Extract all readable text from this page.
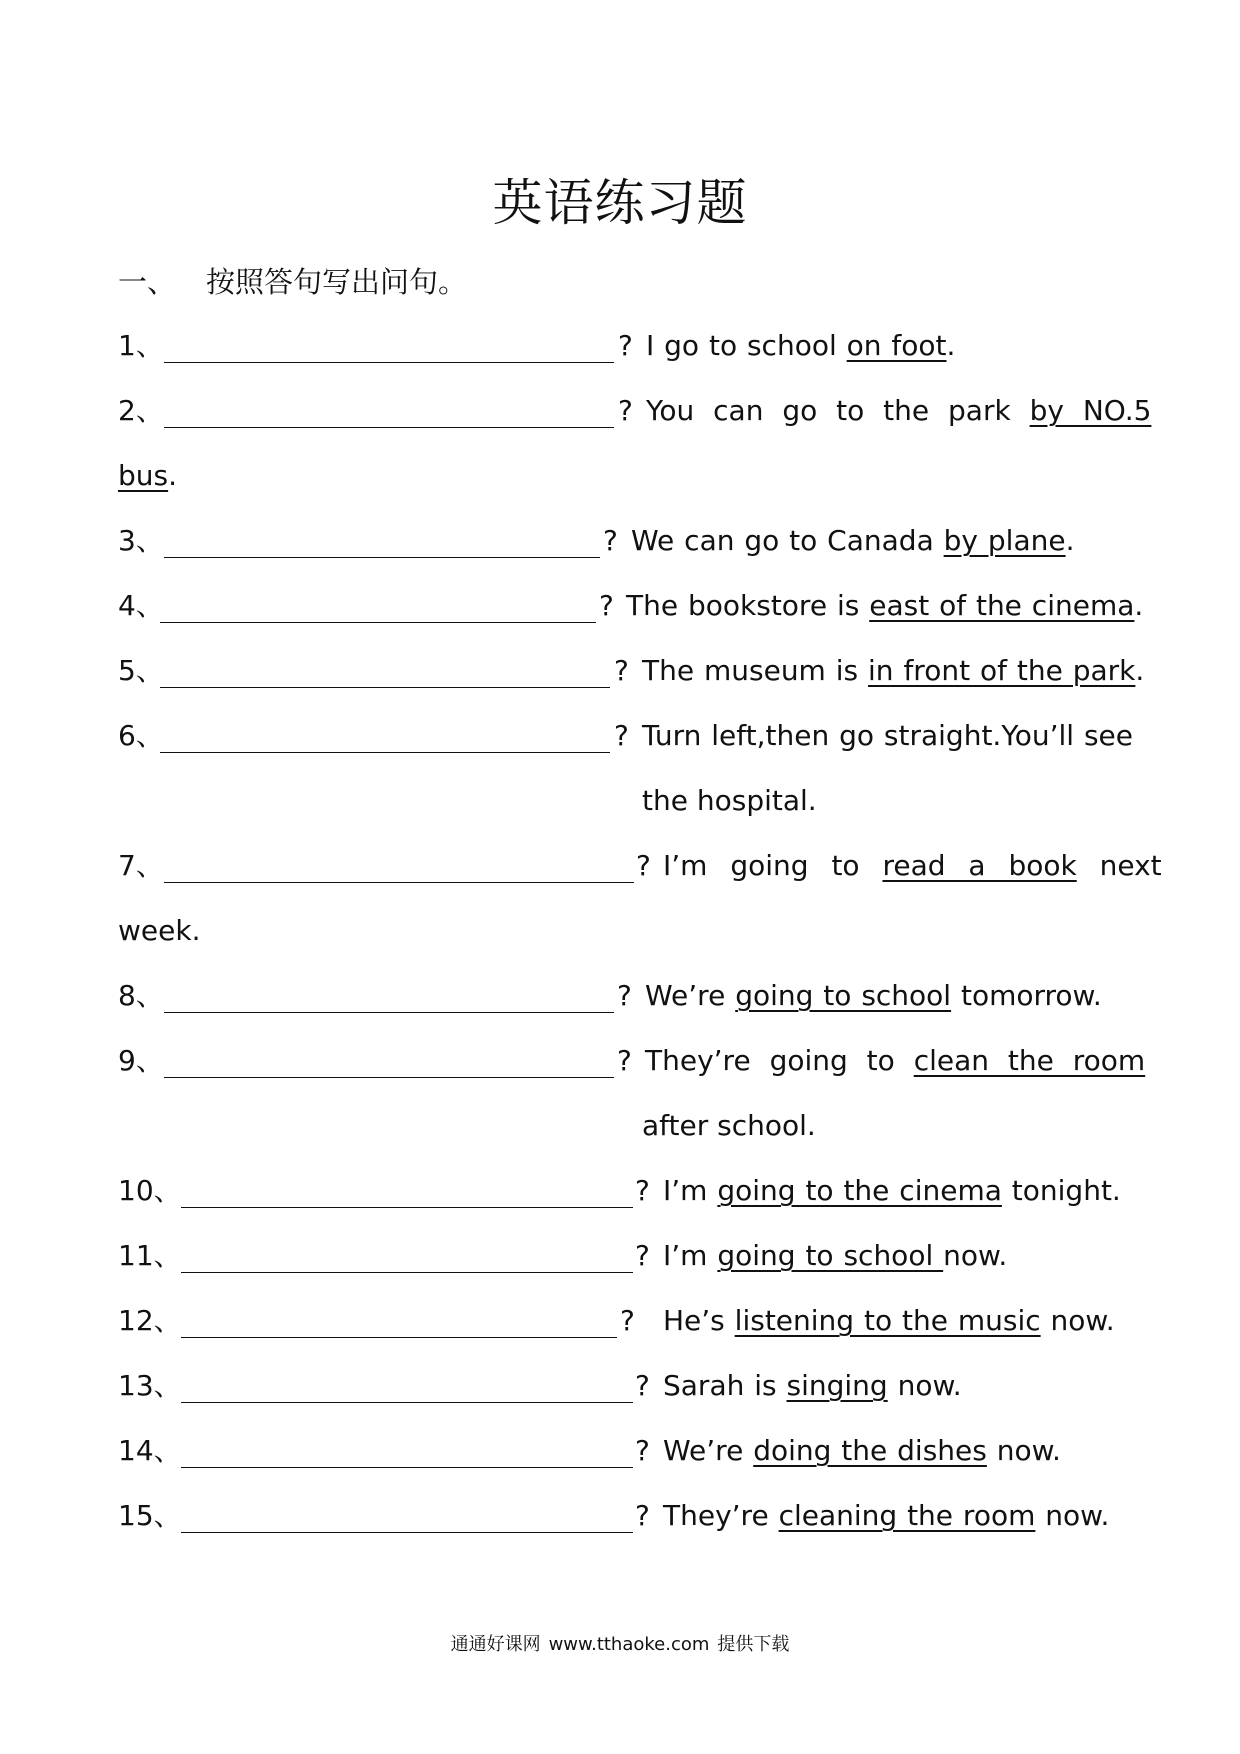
英语练习题
一、 按照答句写出问句。
1、	? I go to school on foot.
2、	? You can go to the park by NO.5
bus.
3、	? We can go to Canada by plane.
4、	? The bookstore is east of the cinema.
5、	? The museum is in front of the park.
6、	? Turn left,then go straight.You’ll see
the hospital.
7、	? I’m going to read a book next
week.
8、	? We’re going to school tomorrow.
9、	? They’re going to clean the room
after school.
10、	? I’m going to the cinema tonight.
11、	? I’m going to school now.
12、	? He’s listening to the music now.
13、	? Sarah is singing now.
14、	? We’re doing the dishes now.
15、	? They’re cleaning the room now.
通通好课网 www.tthaoke.com 提供下载
